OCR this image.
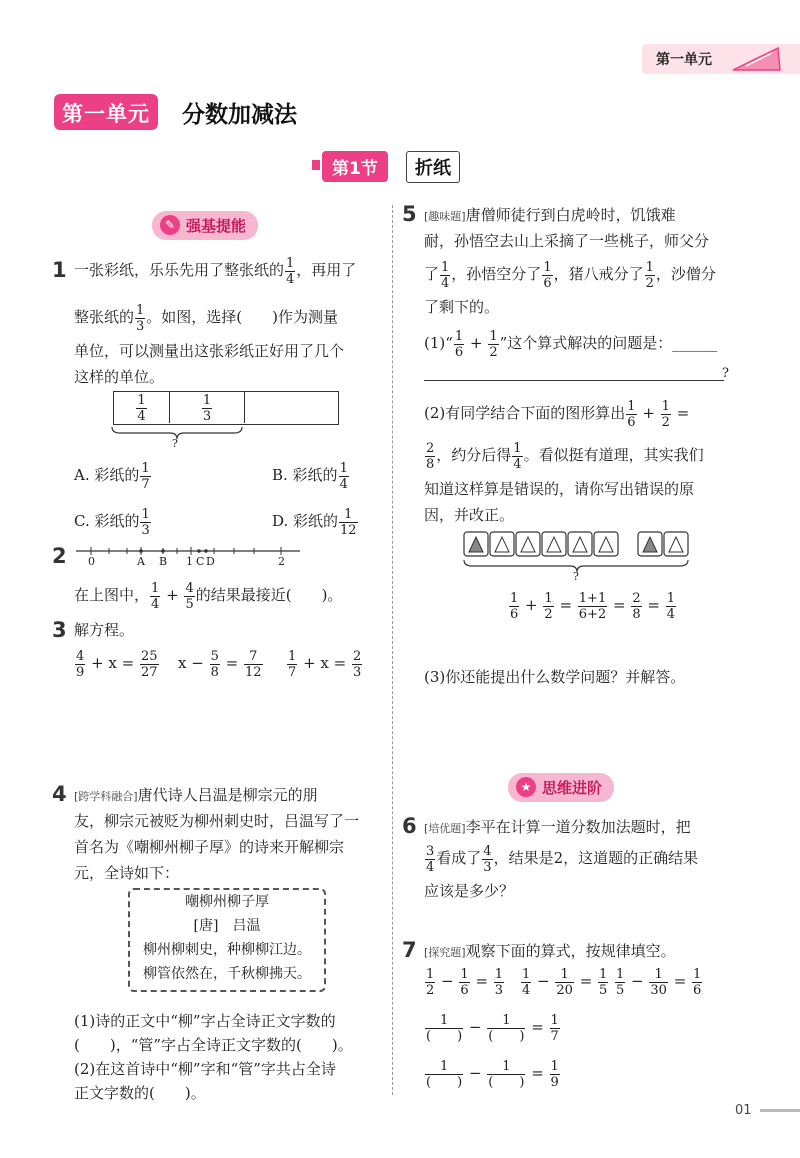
第一单元
第一单元	分数加减法
第1节	折纸
✎ 强基提能
1 一张彩纸，乐乐先用了整张纸的 $\frac{1}{4}$ ，再用了
整张纸的 $\frac{1}{3}$ 。如图，选择(　　)作为测量
单位，可以测量出这张彩纸正好用了几个
这样的单位。
$\frac{1}{4}$	$\frac{1}{3}$
?
A. 彩纸的 $\frac{1}{7}$	B. 彩纸的 $\frac{1}{4}$
C. 彩纸的 $\frac{1}{3}$	D. 彩纸的 $\frac{1}{12}$
2 0	A B 1 C D	2
在上图中， $\frac{1}{4} + \frac{4}{5}$ 的结果最接近(　　)。
3 解方程。
$\frac{4}{9} + x = \frac{25}{27}$ $x - \frac{5}{8} = \frac{7}{12} \frac{1}{7} + x = \frac{2}{3}$
4 [跨学科融合]唐代诗人吕温是柳宗元的朋
友，柳宗元被贬为柳州刺史时，吕温写了一
首名为《嘲柳州柳子厚》的诗来开解柳宗
元，全诗如下：
嘲柳州柳子厚
[唐]　吕温
柳州柳刺史，种柳柳江边。
柳管依然在，千秋柳拂天。
(1)诗的正文中“柳”字占全诗正文字数的
(　　)，“管”字占全诗正文字数的(　　)。
(2)在这首诗中“柳”字和“管”字共占全诗
正文字数的(　　)。
5 [趣味题]唐僧师徒行到白虎岭时，饥饿难
耐，孙悟空去山上采摘了一些桃子，师父分
了 $\frac{1}{4}$ ，孙悟空分了 $\frac{1}{6}$ ，猪八戒分了 $\frac{1}{2}$ ，沙僧分
了剩下的。
(1)“ $\frac{1}{6} + \frac{1}{2}$ ”这个算式解决的问题是：______
?
(2)有同学结合下面的图形算出 $\frac{1}{6} + \frac{1}{2}$ =
$\frac{2}{8}$ ，约分后得 $\frac{1}{4}$ 。看似挺有道理，其实我们
知道这样算是错误的，请你写出错误的原
因，并改正。
?
$\frac{1}{6} + \frac{1}{2} = \frac{1+1}{6+2} = \frac{2}{8} = \frac{1}{4}$
(3)你还能提出什么数学问题？并解答。
★ 思维进阶
6 [培优题]李平在计算一道分数加法题时，把
$\frac{3}{4}$ 看成了 $\frac{4}{3}$ ，结果是2，这道题的正确结果
应该是多少？
7 [探究题]观察下面的算式，按规律填空。
$\frac{1}{2} - \frac{1}{6} = \frac{1}{3} \frac{1}{4} - \frac{1}{20} = \frac{1}{5} \frac{1}{5} - \frac{1}{30} = \frac{1}{6}$
$\frac{1}{( )} - \frac{1}{( )} = \frac{1}{7}$
$\frac{1}{( )} - \frac{1}{( )} = \frac{1}{9}$
01
